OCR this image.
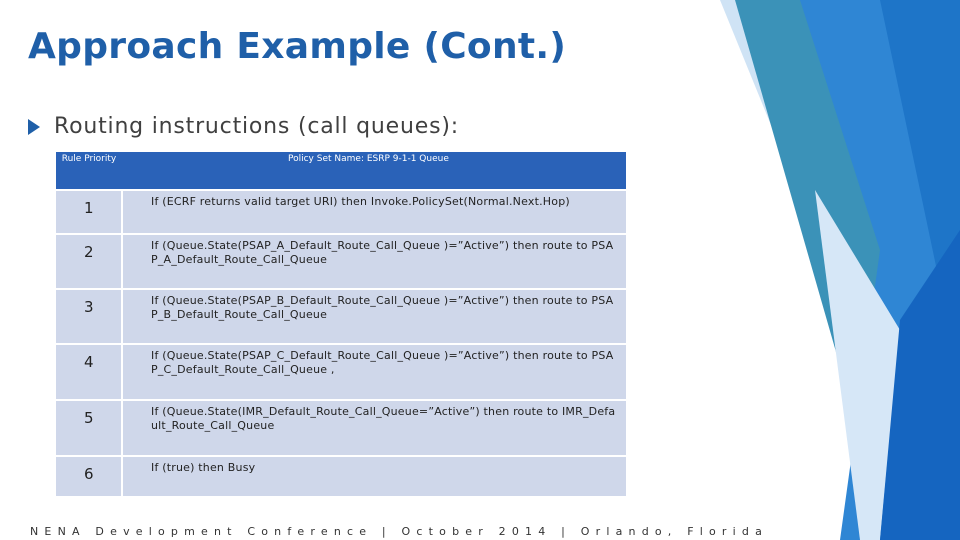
Approach Example (Cont.)
Routing instructions (call queues):
Rule Priority	Policy Set Name: ESRP 9-1-1 Queue
1	If (ECRF returns valid target URI) then Invoke.PolicySet(Normal.Next.Hop)
2	If (Queue.State(PSAP_A_Default_Route_Call_Queue )=”Active”) then route to PSAP_A_Default_Route_Call_Queue
3	If (Queue.State(PSAP_B_Default_Route_Call_Queue )=”Active”) then route to PSAP_B_Default_Route_Call_Queue
4	If (Queue.State(PSAP_C_Default_Route_Call_Queue )=”Active”) then route to PSAP_C_Default_Route_Call_Queue ,
5	If (Queue.State(IMR_Default_Route_Call_Queue=”Active”) then route to IMR_Default_Route_Call_Queue
6	If (true) then Busy
NENA Development Conference | October 2014 | Orlando, Florida
